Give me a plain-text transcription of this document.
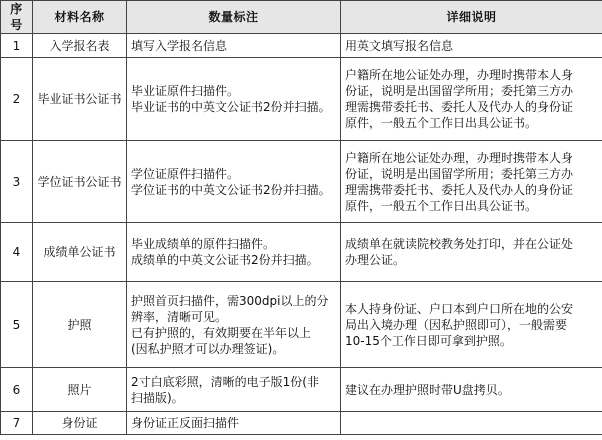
序号	材料名称	数量标注	详细说明
1	入学报名表	填写入学报名信息	用英文填写报名信息

2	毕业证书公证书	毕业证原件扫描件。
毕业证书的中英文公证书2份并扫描。	户籍所在地公证处办理，办理时携带本人身
份证，说明是出国留学所用；委托第三方办
理需携带委托书、委托人及代办人的身份证
原件，一般五个工作日出具公证书。

3	学位证书公证书	学位证原件扫描件。
学位证书的中英文公证书2份并扫描。	户籍所在地公证处办理，办理时携带本人身
份证，说明是出国留学所用；委托第三方办
理需携带委托书、委托人及代办人的身份证
原件，一般五个工作日出具公证书。

4	成绩单公证书	毕业成绩单的原件扫描件。
成绩单的中英文公证书2份并扫描。	成绩单在就读院校教务处打印，并在公证处
办理公证。

5	护照	护照首页扫描件，需300dpi以上的分
辨率，清晰可见。
已有护照的，有效期要在半年以上
(因私护照才可以办理签证)。	本人持身份证、户口本到户口所在地的公安
局出入境办理（因私护照即可），一般需要
10-15个工作日即可拿到护照。

6	照片	2寸白底彩照，清晰的电子版1份(非
扫描版)。	建议在办理护照时带U盘拷贝。

7	身份证	身份证正反面扫描件	
